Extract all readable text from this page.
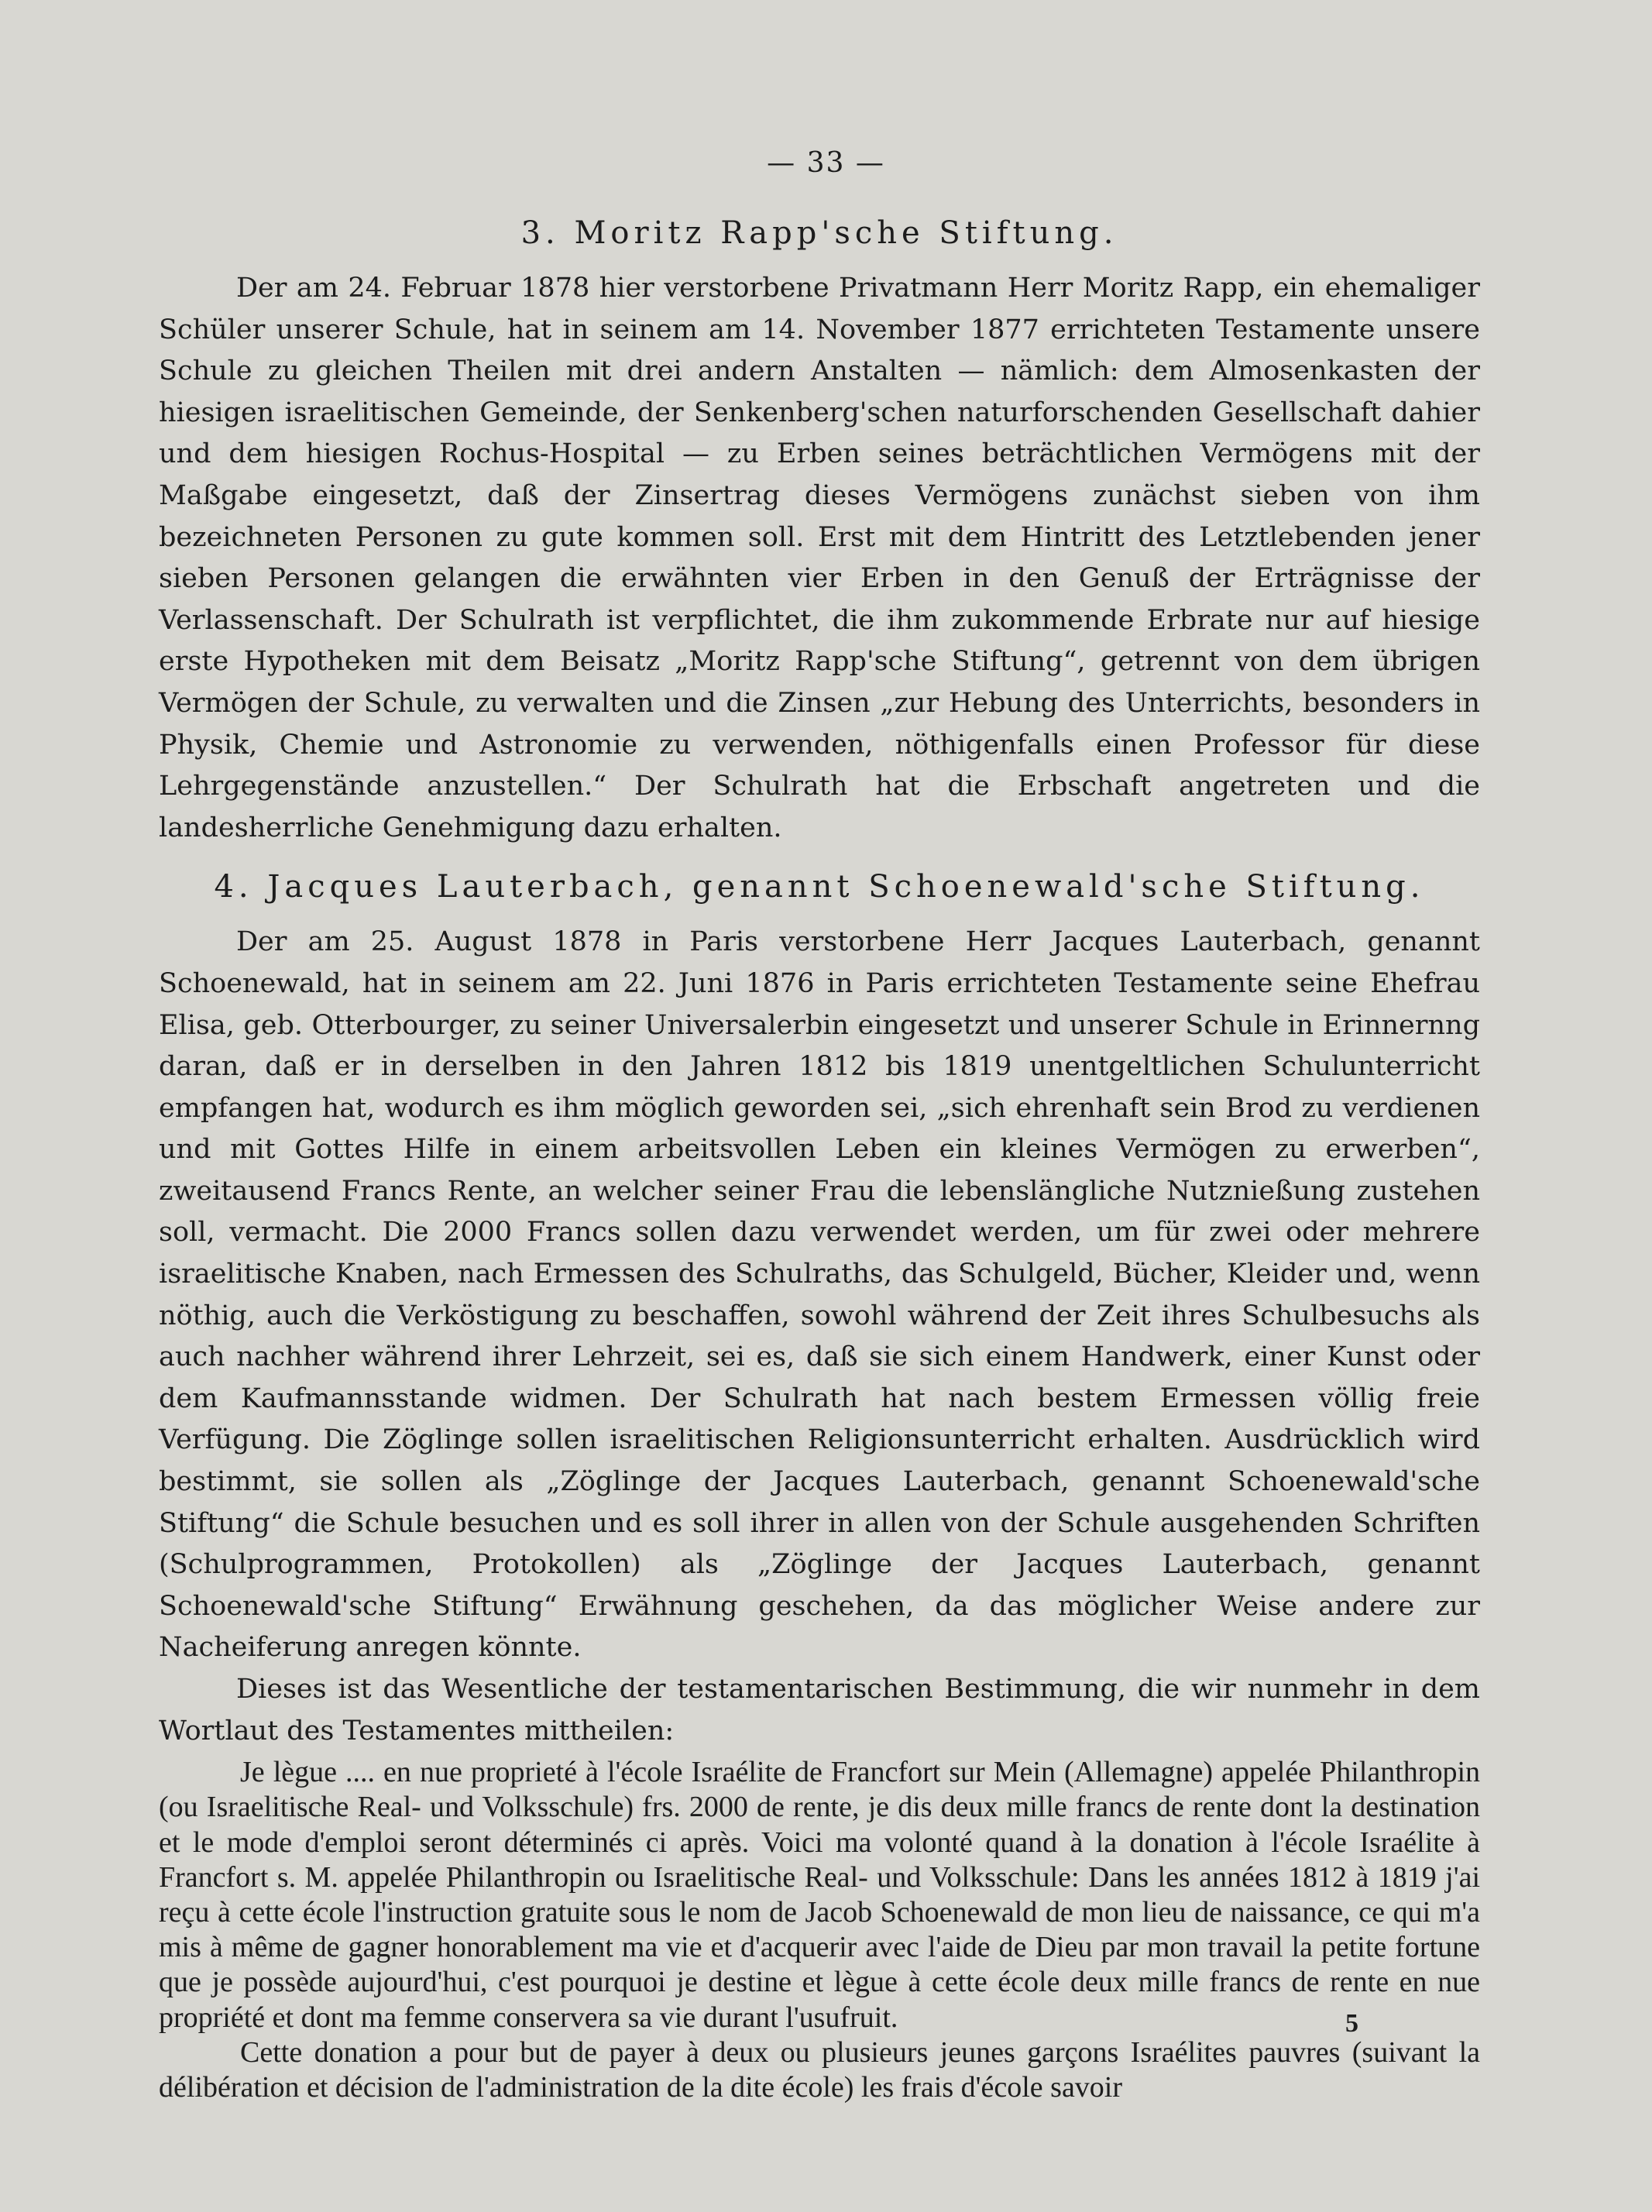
— 33 —
3. Moritz Rapp'sche Stiftung.

Der am 24. Februar 1878 hier verstorbene Privatmann Herr Moritz Rapp, ein ehemaliger Schüler unserer Schule, hat in seinem am 14. November 1877 errichteten Testamente unsere Schule zu gleichen Theilen mit drei andern Anstalten — nämlich: dem Almosenkasten der hiesigen israelitischen Gemeinde, der Senkenberg'schen naturforschenden Gesellschaft dahier und dem hiesigen Rochus-Hospital — zu Erben seines beträchtlichen Vermögens mit der Maßgabe eingesetzt, daß der Zinsertrag dieses Vermögens zunächst sieben von ihm bezeichneten Personen zu gute kommen soll. Erst mit dem Hintritt des Letztlebenden jener sieben Personen gelangen die erwähnten vier Erben in den Genuß der Erträgnisse der Verlassenschaft. Der Schulrath ist verpflichtet, die ihm zukommende Erbrate nur auf hiesige erste Hypotheken mit dem Beisatz „Moritz Rapp'sche Stiftung“, getrennt von dem übrigen Vermögen der Schule, zu verwalten und die Zinsen „zur Hebung des Unterrichts, besonders in Physik, Chemie und Astronomie zu verwenden, nöthigenfalls einen Professor für diese Lehrgegenstände anzustellen.“ Der Schulrath hat die Erbschaft angetreten und die landesherrliche Genehmigung dazu erhalten.

4. Jacques Lauterbach, genannt Schoenewald'sche Stiftung.

Der am 25. August 1878 in Paris verstorbene Herr Jacques Lauterbach, genannt Schoenewald, hat in seinem am 22. Juni 1876 in Paris errichteten Testamente seine Ehefrau Elisa, geb. Otterbourger, zu seiner Universalerbin eingesetzt und unserer Schule in Erinnernng daran, daß er in derselben in den Jahren 1812 bis 1819 unentgeltlichen Schulunterricht empfangen hat, wodurch es ihm möglich geworden sei, „sich ehrenhaft sein Brod zu verdienen und mit Gottes Hilfe in einem arbeitsvollen Leben ein kleines Vermögen zu erwerben“, zweitausend Francs Rente, an welcher seiner Frau die lebenslängliche Nutznießung zustehen soll, vermacht. Die 2000 Francs sollen dazu verwendet werden, um für zwei oder mehrere israelitische Knaben, nach Ermessen des Schulraths, das Schulgeld, Bücher, Kleider und, wenn nöthig, auch die Verköstigung zu beschaffen, sowohl während der Zeit ihres Schulbesuchs als auch nachher während ihrer Lehrzeit, sei es, daß sie sich einem Handwerk, einer Kunst oder dem Kaufmannsstande widmen. Der Schulrath hat nach bestem Ermessen völlig freie Verfügung. Die Zöglinge sollen israelitischen Religionsunterricht erhalten. Ausdrücklich wird bestimmt, sie sollen als „Zöglinge der Jacques Lauterbach, genannt Schoenewald'sche Stiftung“ die Schule besuchen und es soll ihrer in allen von der Schule ausgehenden Schriften (Schulprogrammen, Protokollen) als „Zöglinge der Jacques Lauterbach, genannt Schoenewald'sche Stiftung“ Erwähnung geschehen, da das möglicher Weise andere zur Nacheiferung anregen könnte.

Dieses ist das Wesentliche der testamentarischen Bestimmung, die wir nunmehr in dem Wortlaut des Testamentes mittheilen:

Je lègue .... en nue proprieté à l'école Israélite de Francfort sur Mein (Allemagne) appelée Philanthropin (ou Israelitische Real- und Volksschule) frs. 2000 de rente, je dis deux mille francs de rente dont la destination et le mode d'emploi seront déterminés ci après. Voici ma volonté quand à la donation à l'école Israélite à Francfort s. M. appelée Philanthropin ou Israelitische Real- und Volksschule: Dans les années 1812 à 1819 j'ai reçu à cette école l'instruction gratuite sous le nom de Jacob Schoenewald de mon lieu de naissance, ce qui m'a mis à même de gagner honorablement ma vie et d'acquerir avec l'aide de Dieu par mon travail la petite fortune que je possède aujourd'hui, c'est pourquoi je destine et lègue à cette école deux mille francs de rente en nue propriété et dont ma femme conservera sa vie durant l'usufruit.

Cette donation a pour but de payer à deux ou plusieurs jeunes garçons Israélites pauvres (suivant la délibération et décision de l'administration de la dite école) les frais d'école savoir

5
